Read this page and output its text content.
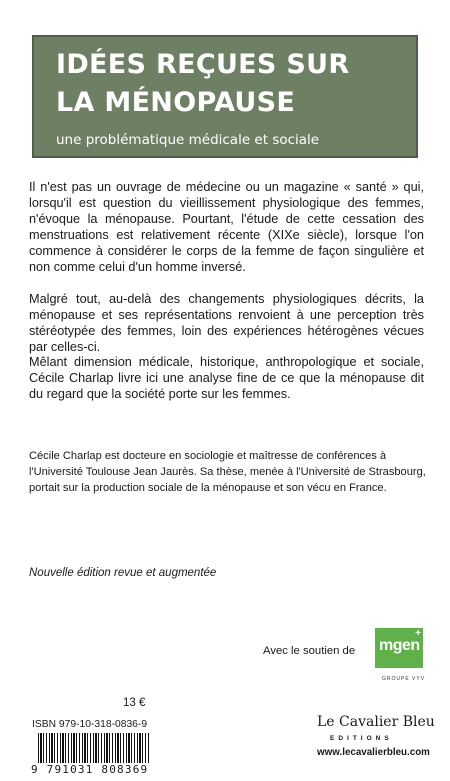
IDÉES REÇUES SUR
LA MÉNOPAUSE
une problématique médicale et sociale

Il n'est pas un ouvrage de médecine ou un magazine « santé » qui, lorsqu'il est question du vieillissement physiologique des femmes, n'évoque la ménopause. Pourtant, l'étude de cette cessation des menstruations est relativement récente (XIXe siècle), lorsque l'on commence à considérer le corps de la femme de façon singulière et non comme celui d'un homme inversé.

Malgré tout, au-delà des changements physiologiques décrits, la ménopause et ses représentations renvoient à une perception très stéréotypée des femmes, loin des expériences hétérogènes vécues par celles-ci.

Mêlant dimension médicale, historique, anthropologique et sociale, Cécile Charlap livre ici une analyse fine de ce que la ménopause dit du regard que la société porte sur les femmes.

Cécile Charlap est docteure en sociologie et maîtresse de conférences à l'Université Toulouse Jean Jaurès. Sa thèse, menée à l'Université de Strasbourg, portait sur la production sociale de la ménopause et son vécu en France.

Nouvelle édition revue et augmentée
Avec le soutien de mgen
+
GROUPE VYV
13 €
ISBN 979-10-318-0836-9
9 791031 808369
Le Cavalier Bleu
EDITIONS
www.lecavalierbleu.com
